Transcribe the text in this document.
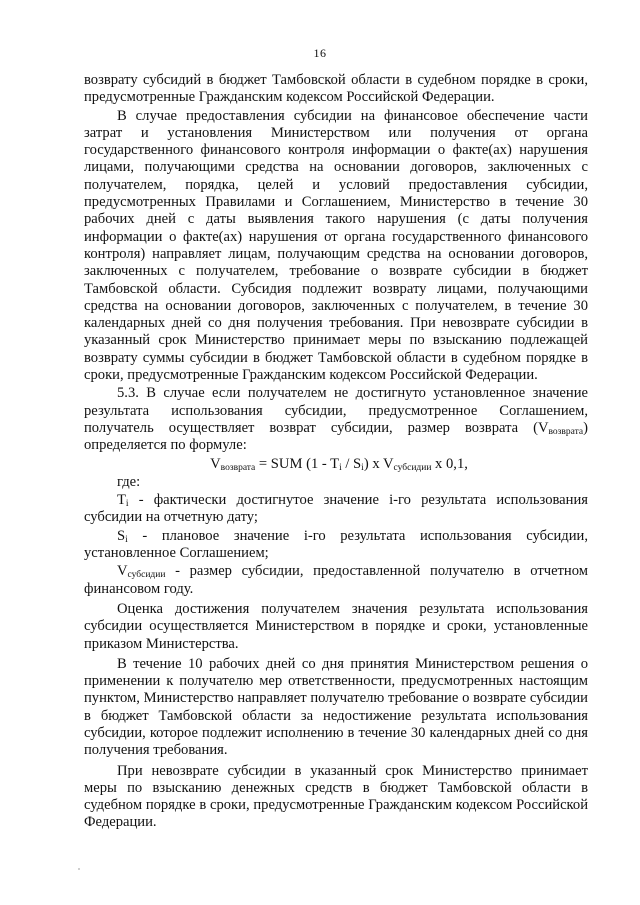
16

возврату субсидий в бюджет Тамбовской области в судебном порядке в сроки, предусмотренные Гражданским кодексом Российской Федерации.

В случае предоставления субсидии на финансовое обеспечение части затрат и установления Министерством или получения от органа государственного финансового контроля информации о факте(ах) нарушения лицами, получающими средства на основании договоров, заключенных с получателем, порядка, целей и условий предоставления субсидии, предусмотренных Правилами и Соглашением, Министерство в течение 30 рабочих дней с даты выявления такого нарушения (с даты получения информации о факте(ах) нарушения от органа государственного финансового контроля) направляет лицам, получающим средства на основании договоров, заключенных с получателем, требование о возврате субсидии в бюджет Тамбовской области. Субсидия подлежит возврату лицами, получающими средства на основании договоров, заключенных с получателем, в течение 30 календарных дней со дня получения требования. При невозврате субсидии в указанный срок Министерство принимает меры по взысканию подлежащей возврату суммы субсидии в бюджет Тамбовской области в судебном порядке в сроки, предусмотренные Гражданским кодексом Российской Федерации.

5.3. В случае если получателем не достигнуто установленное значение результата использования субсидии, предусмотренное Соглашением, получатель осуществляет возврат субсидии, размер возврата $(V_{возврата})$ определяется по формуле:

$V_{возврата}$ = SUM $(1 - T_i / S_i)$ x $V_{субсидии}$ x 0,1,

где:

$T_i$ - фактически достигнутое значение i-го результата использования субсидии на отчетную дату;

$S_i$ - плановое значение i-го результата использования субсидии, установленное Соглашением;

$V_{субсидии}$ - размер субсидии, предоставленной получателю в отчетном финансовом году.

Оценка достижения получателем значения результата использования субсидии осуществляется Министерством в порядке и сроки, установленные приказом Министерства.

В течение 10 рабочих дней со дня принятия Министерством решения о применении к получателю мер ответственности, предусмотренных настоящим пунктом, Министерство направляет получателю требование о возврате субсидии в бюджет Тамбовской области за недостижение результата использования субсидии, которое подлежит исполнению в течение 30 календарных дней со дня получения требования.

При невозврате субсидии в указанный срок Министерство принимает меры по взысканию денежных средств в бюджет Тамбовской области в судебном порядке в сроки, предусмотренные Гражданским кодексом Российской Федерации.
